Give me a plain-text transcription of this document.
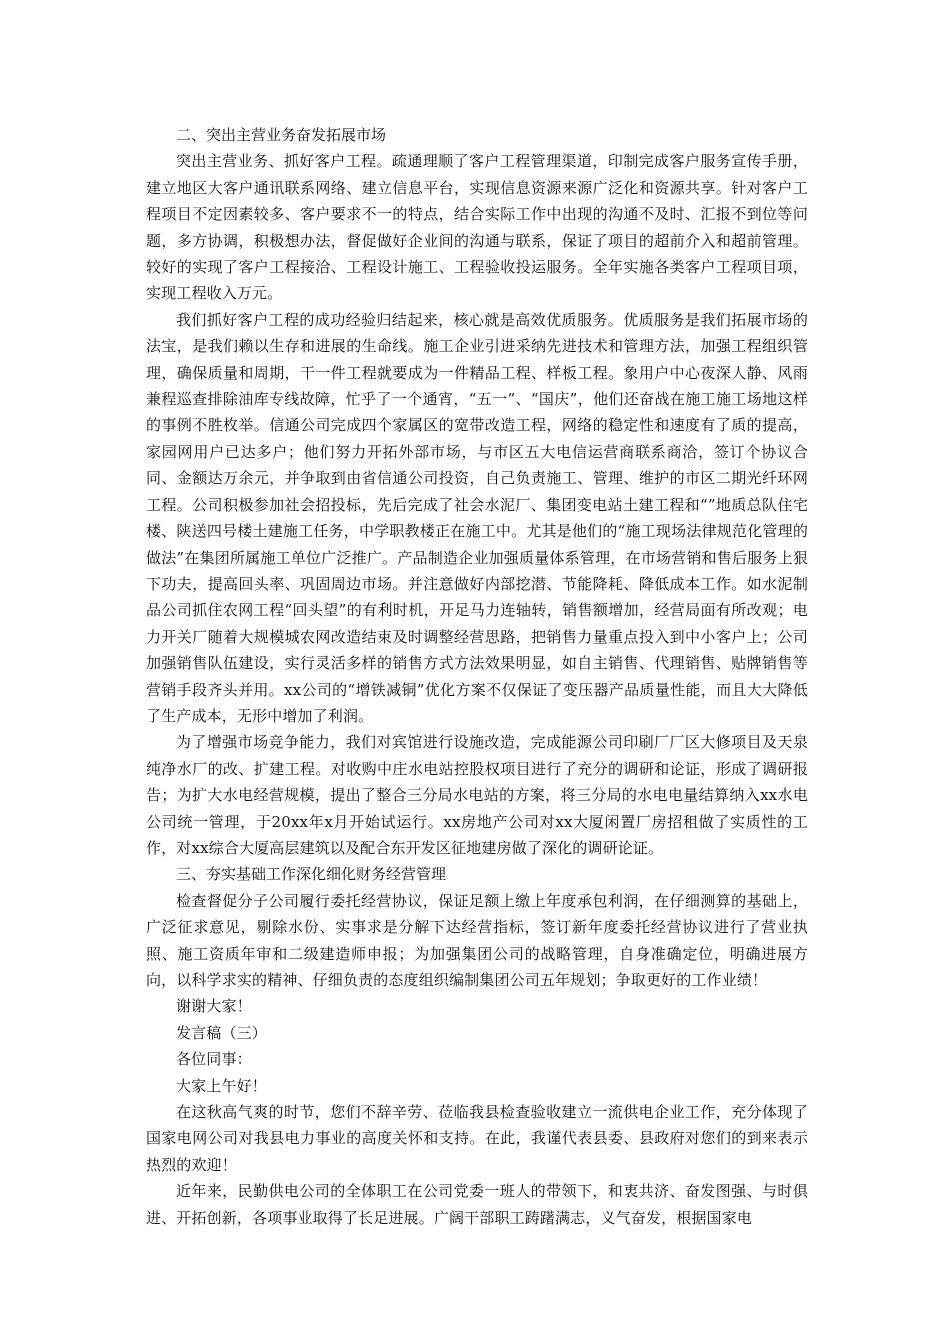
二、突出主营业务奋发拓展市场

突出主营业务、抓好客户工程。疏通理顺了客户工程管理渠道，印制完成客户服务宣传手册，建立地区大客户通讯联系网络、建立信息平台，实现信息资源来源广泛化和资源共享。针对客户工程项目不定因素较多、客户要求不一的特点，结合实际工作中出现的沟通不及时、汇报不到位等问题，多方协调，积极想办法，督促做好企业间的沟通与联系，保证了项目的超前介入和超前管理。较好的实现了客户工程接洽、工程设计施工、工程验收投运服务。全年实施各类客户工程项目项，实现工程收入万元。

我们抓好客户工程的成功经验归结起来，核心就是高效优质服务。优质服务是我们拓展市场的法宝，是我们赖以生存和进展的生命线。施工企业引进采纳先进技术和管理方法，加强工程组织管理，确保质量和周期，干一件工程就要成为一件精品工程、样板工程。象用户中心夜深人静、风雨兼程巡查排除油库专线故障，忙乎了一个通宵，“五一”、“国庆”，他们还奋战在施工施工场地这样的事例不胜枚举。信通公司完成四个家属区的宽带改造工程，网络的稳定性和速度有了质的提高，家园网用户已达多户；他们努力开拓外部市场，与市区五大电信运营商联系商洽，签订个协议合同、金额达万余元，并争取到由省信通公司投资，自己负责施工、管理、维护的市区二期光纤环网工程。公司积极参加社会招投标，先后完成了社会水泥厂、集团变电站土建工程和“”地质总队住宅楼、陕送四号楼土建施工任务，中学职教楼正在施工中。尤其是他们的“施工现场法律规范化管理的做法”在集团所属施工单位广泛推广。产品制造企业加强质量体系管理，在市场营销和售后服务上狠下功夫，提高回头率、巩固周边市场。并注意做好内部挖潜、节能降耗、降低成本工作。如水泥制品公司抓住农网工程“回头望”的有利时机，开足马力连轴转，销售额增加，经营局面有所改观；电力开关厂随着大规模城农网改造结束及时调整经营思路，把销售力量重点投入到中小客户上；公司加强销售队伍建设，实行灵活多样的销售方式方法效果明显，如自主销售、代理销售、贴牌销售等营销手段齐头并用。xx公司的“增铁减铜”优化方案不仅保证了变压器产品质量性能，而且大大降低了生产成本，无形中增加了利润。

为了增强市场竞争能力，我们对宾馆进行设施改造，完成能源公司印刷厂厂区大修项目及天泉纯净水厂的改、扩建工程。对收购中庄水电站控股权项目进行了充分的调研和论证，形成了调研报告；为扩大水电经营规模，提出了整合三分局水电站的方案，将三分局的水电电量结算纳入xx水电公司统一管理，于20xx年x月开始试运行。xx房地产公司对xx大厦闲置厂房招租做了实质性的工作，对xx综合大厦高层建筑以及配合东开发区征地建房做了深化的调研论证。

三、夯实基础工作深化细化财务经营管理

检查督促分子公司履行委托经营协议，保证足额上缴上年度承包利润，在仔细测算的基础上，广泛征求意见，剔除水份、实事求是分解下达经营指标，签订新年度委托经营协议进行了营业执照、施工资质年审和二级建造师申报；为加强集团公司的战略管理，自身准确定位，明确进展方向，以科学求实的精神、仔细负责的态度组织编制集团公司五年规划；争取更好的工作业绩！

谢谢大家！

发言稿（三）

各位同事：

大家上午好！

在这秋高气爽的时节，您们不辞辛劳、莅临我县检查验收建立一流供电企业工作，充分体现了国家电网公司对我县电力事业的高度关怀和支持。在此，我谨代表县委、县政府对您们的到来表示热烈的欢迎！

近年来，民勤供电公司的全体职工在公司党委一班人的带领下，和衷共济、奋发图强、与时俱进、开拓创新，各项事业取得了长足进展。广阔干部职工踌躇满志，义气奋发，根据国家电
